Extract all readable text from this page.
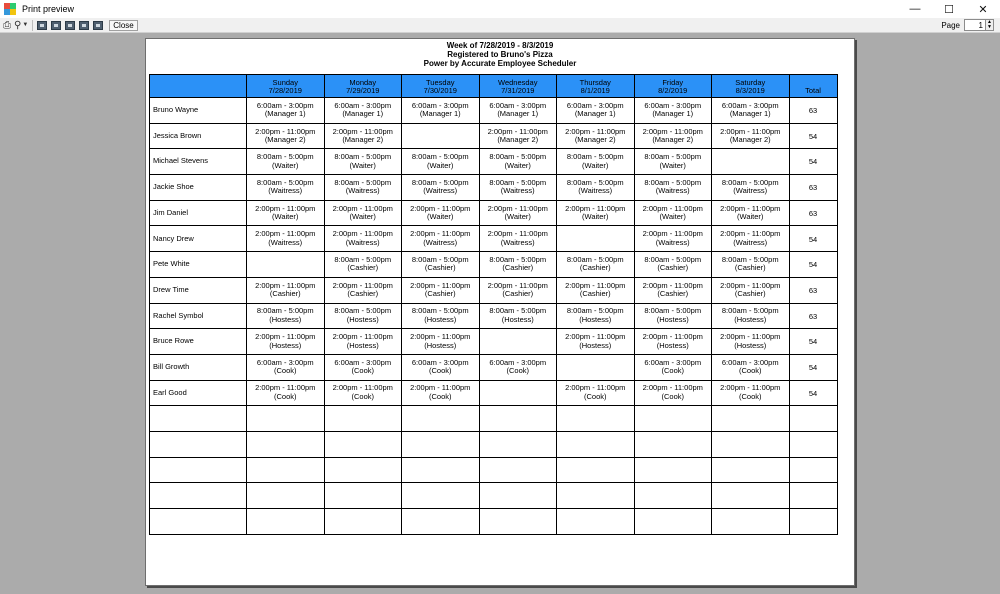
Print preview	— ☐ ✕
⎙ ⚲ ▼	Close	Page	1 ▲
▼
Week of 7/28/2019 - 8/3/2019
Registered to Bruno's Pizza
Power by Accurate Employee Scheduler

	Sunday
7/28/2019	Monday
7/29/2019	Tuesday
7/30/2019	Wednesday
7/31/2019	Thursday
8/1/2019	Friday
8/2/2019	Saturday
8/3/2019	Total
Bruno Wayne	6:00am - 3:00pm
(Manager 1)	6:00am - 3:00pm
(Manager 1)	6:00am - 3:00pm
(Manager 1)	6:00am - 3:00pm
(Manager 1)	6:00am - 3:00pm
(Manager 1)	6:00am - 3:00pm
(Manager 1)	6:00am - 3:00pm
(Manager 1)	63
Jessica Brown	2:00pm - 11:00pm
(Manager 2)	2:00pm - 11:00pm
(Manager 2)		2:00pm - 11:00pm
(Manager 2)	2:00pm - 11:00pm
(Manager 2)	2:00pm - 11:00pm
(Manager 2)	2:00pm - 11:00pm
(Manager 2)	54
Michael Stevens	8:00am - 5:00pm
(Waiter)	8:00am - 5:00pm
(Waiter)	8:00am - 5:00pm
(Waiter)	8:00am - 5:00pm
(Waiter)	8:00am - 5:00pm
(Waiter)	8:00am - 5:00pm
(Waiter)		54
Jackie Shoe	8:00am - 5:00pm
(Waitress)	8:00am - 5:00pm
(Waitress)	8:00am - 5:00pm
(Waitress)	8:00am - 5:00pm
(Waitress)	8:00am - 5:00pm
(Waitress)	8:00am - 5:00pm
(Waitress)	8:00am - 5:00pm
(Waitress)	63
Jim Daniel	2:00pm - 11:00pm
(Waiter)	2:00pm - 11:00pm
(Waiter)	2:00pm - 11:00pm
(Waiter)	2:00pm - 11:00pm
(Waiter)	2:00pm - 11:00pm
(Waiter)	2:00pm - 11:00pm
(Waiter)	2:00pm - 11:00pm
(Waiter)	63
Nancy Drew	2:00pm - 11:00pm
(Waitress)	2:00pm - 11:00pm
(Waitress)	2:00pm - 11:00pm
(Waitress)	2:00pm - 11:00pm
(Waitress)		2:00pm - 11:00pm
(Waitress)	2:00pm - 11:00pm
(Waitress)	54
Pete White		8:00am - 5:00pm
(Cashier)	8:00am - 5:00pm
(Cashier)	8:00am - 5:00pm
(Cashier)	8:00am - 5:00pm
(Cashier)	8:00am - 5:00pm
(Cashier)	8:00am - 5:00pm
(Cashier)	54
Drew Time	2:00pm - 11:00pm
(Cashier)	2:00pm - 11:00pm
(Cashier)	2:00pm - 11:00pm
(Cashier)	2:00pm - 11:00pm
(Cashier)	2:00pm - 11:00pm
(Cashier)	2:00pm - 11:00pm
(Cashier)	2:00pm - 11:00pm
(Cashier)	63
Rachel Symbol	8:00am - 5:00pm
(Hostess)	8:00am - 5:00pm
(Hostess)	8:00am - 5:00pm
(Hostess)	8:00am - 5:00pm
(Hostess)	8:00am - 5:00pm
(Hostess)	8:00am - 5:00pm
(Hostess)	8:00am - 5:00pm
(Hostess)	63
Bruce Rowe	2:00pm - 11:00pm
(Hostess)	2:00pm - 11:00pm
(Hostess)	2:00pm - 11:00pm
(Hostess)		2:00pm - 11:00pm
(Hostess)	2:00pm - 11:00pm
(Hostess)	2:00pm - 11:00pm
(Hostess)	54
Bill Growth	6:00am - 3:00pm
(Cook)	6:00am - 3:00pm
(Cook)	6:00am - 3:00pm
(Cook)	6:00am - 3:00pm
(Cook)		6:00am - 3:00pm
(Cook)	6:00am - 3:00pm
(Cook)	54
Earl Good	2:00pm - 11:00pm
(Cook)	2:00pm - 11:00pm
(Cook)	2:00pm - 11:00pm
(Cook)		2:00pm - 11:00pm
(Cook)	2:00pm - 11:00pm
(Cook)	2:00pm - 11:00pm
(Cook)	54
